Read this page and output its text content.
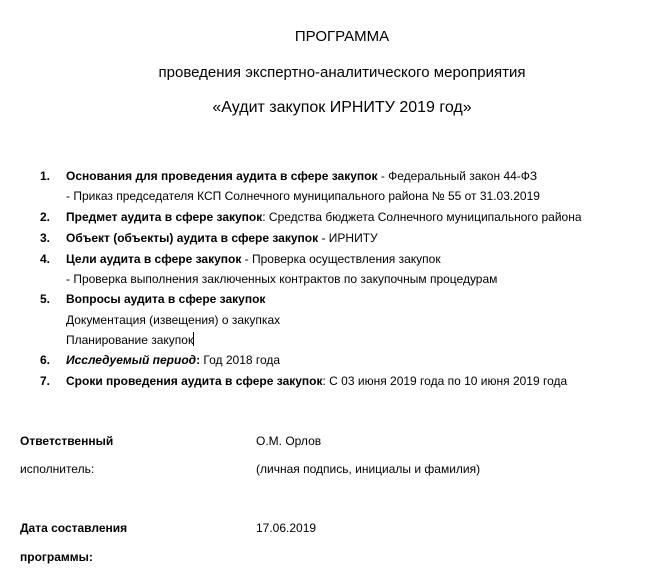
ПРОГРАММА
проведения экспертно-аналитического мероприятия
«Аудит закупок ИРНИТУ 2019 год»
1. Основания для проведения аудита в сфере закупок - Федеральный закон 44-ФЗ
- Приказ председателя КСП Солнечного муниципального района № 55 от 31.03.2019
2. Предмет аудита в сфере закупок: Средства бюджета Солнечного муниципального района
3. Объект (объекты) аудита в сфере закупок - ИРНИТУ
4. Цели аудита в сфере закупок - Проверка осуществления закупок
- Проверка выполнения заключенных контрактов по закупочным процедурам
5. Вопросы аудита в сфере закупок
Документация (извещения) о закупках
Планирование закупок
6. Исследуемый период: Год 2018 года
7. Сроки проведения аудита в сфере закупок: С 03 июня 2019 года по 10 июня 2019 года
Ответственный
исполнитель:
О.М. Орлов
(личная подпись, инициалы и фамилия)
Дата составления
программы:
17.06.2019
